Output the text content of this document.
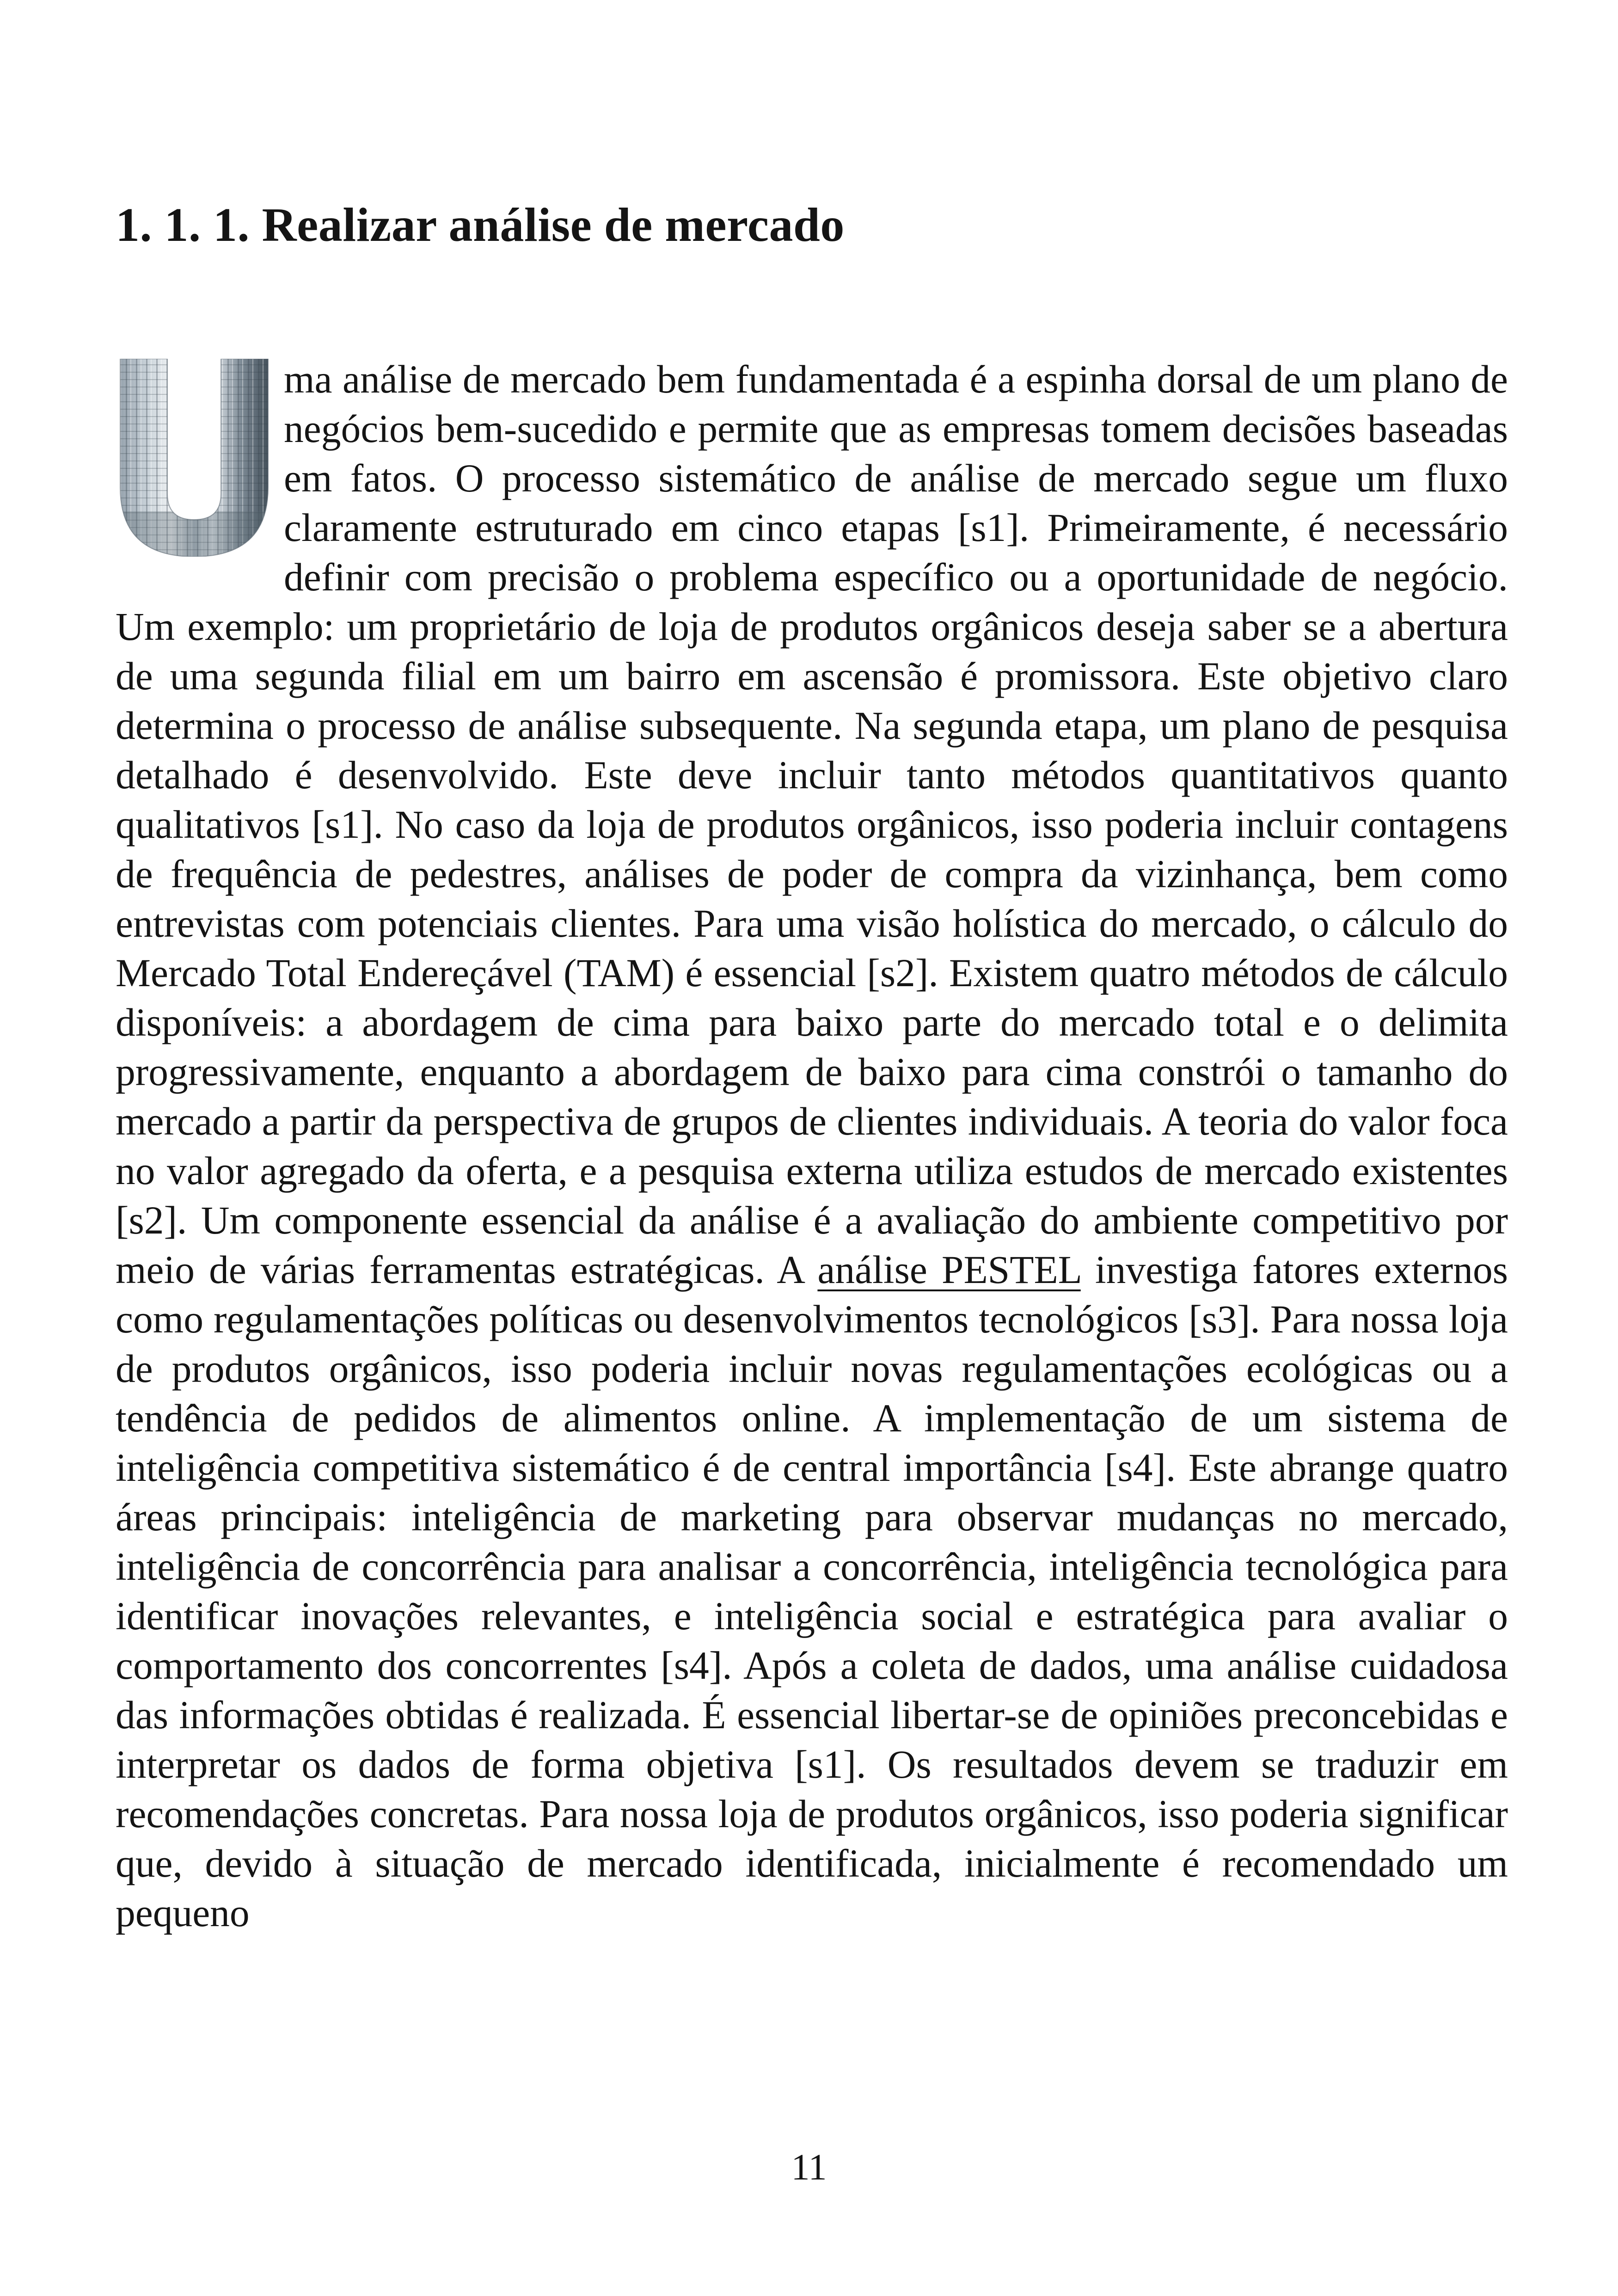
1. 1. 1. Realizar análise de mercado

ma análise de mercado bem fundamentada é a espinha dorsal de um plano de negócios bem-sucedido e permite que as empresas tomem decisões baseadas em fatos. O processo sistemático de análise de mercado segue um fluxo claramente estruturado em cinco etapas [s1]. Primeiramente, é necessário definir com precisão o problema específico ou a oportunidade de negócio. Um exemplo: um proprietário de loja de produtos orgânicos deseja saber se a abertura de uma segunda filial em um bairro em ascensão é promissora. Este objetivo claro determina o processo de análise subsequente. Na segunda etapa, um plano de pesquisa detalhado é desenvolvido. Este deve incluir tanto métodos quantitativos quanto qualitativos [s1]. No caso da loja de produtos orgânicos, isso poderia incluir contagens de frequência de pedestres, análises de poder de compra da vizinhança, bem como entrevistas com potenciais clientes. Para uma visão holística do mercado, o cálculo do Mercado Total Endereçável (TAM) é essencial [s2]. Existem quatro métodos de cálculo disponíveis: a abordagem de cima para baixo parte do mercado total e o delimita progressivamente, enquanto a abordagem de baixo para cima constrói o tamanho do mercado a partir da perspectiva de grupos de clientes individuais. A teoria do valor foca no valor agregado da oferta, e a pesquisa externa utiliza estudos de mercado existentes [s2]. Um componente essencial da análise é a avaliação do ambiente competitivo por meio de várias ferramentas estratégicas. A análise PESTEL investiga fatores externos como regulamentações políticas ou desenvolvimentos tecnológicos [s3]. Para nossa loja de produtos orgânicos, isso poderia incluir novas regulamentações ecológicas ou a tendência de pedidos de alimentos online. A implementação de um sistema de inteligência competitiva sistemático é de central importância [s4]. Este abrange quatro áreas principais: inteligência de marketing para observar mudanças no mercado, inteligência de concorrência para analisar a concorrência, inteligência tecnológica para identificar inovações relevantes, e inteligência social e estratégica para avaliar o comportamento dos concorrentes [s4]. Após a coleta de dados, uma análise cuidadosa das informações obtidas é realizada. É essencial libertar-se de opiniões preconcebidas e interpretar os dados de forma objetiva [s1]. Os resultados devem se traduzir em recomendações concretas. Para nossa loja de produtos orgânicos, isso poderia significar que, devido à situação de mercado identificada, inicialmente é recomendado um pequeno

11
